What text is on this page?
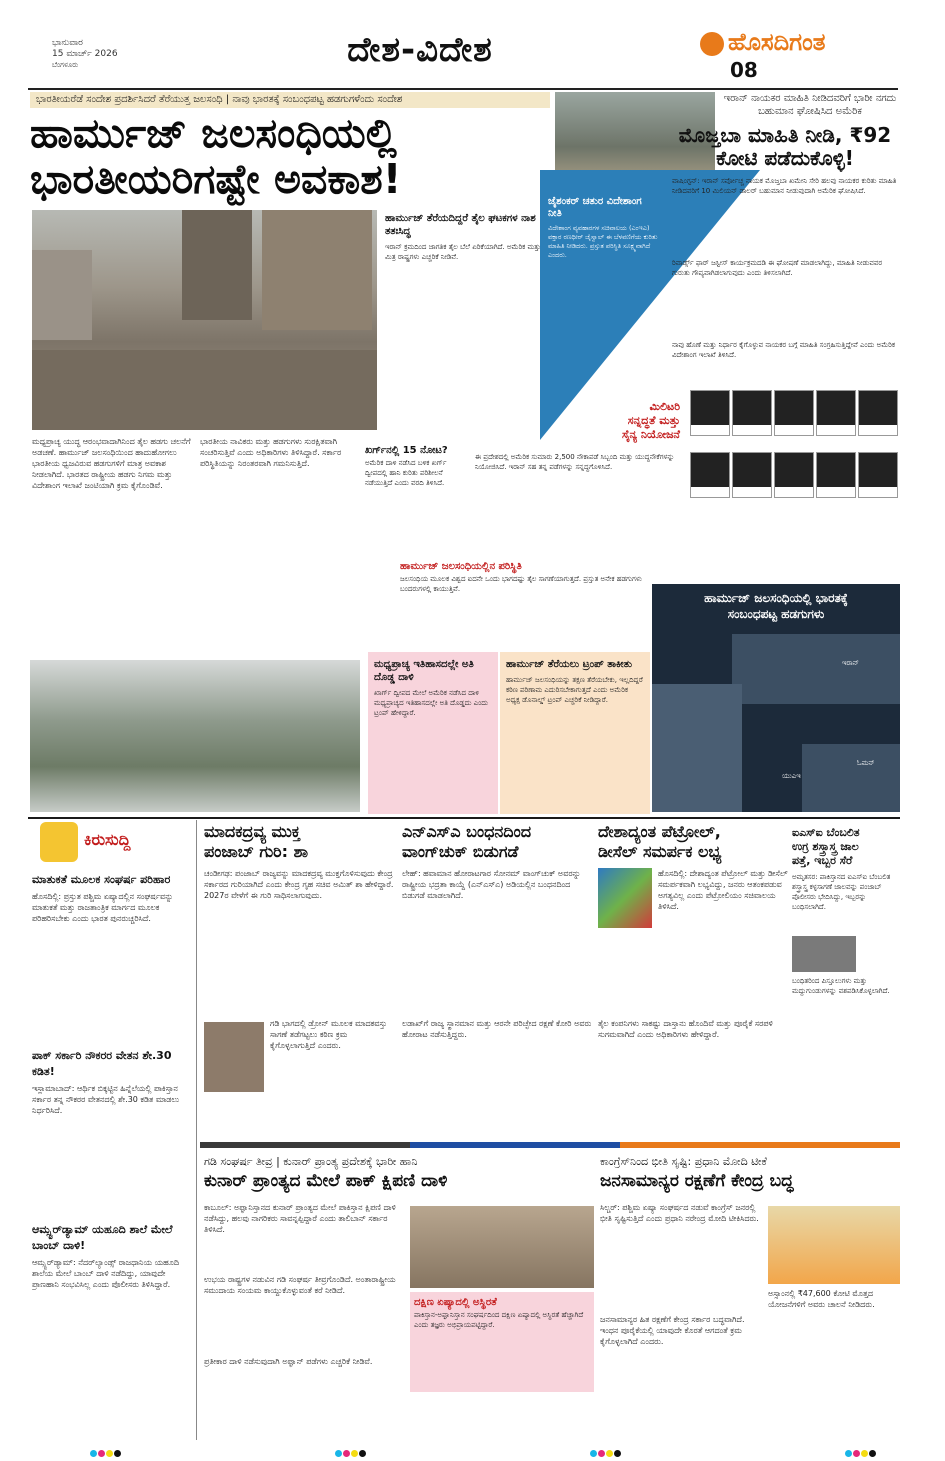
ಭಾನುವಾರ
15 ಮಾರ್ಚ್ 2026
ಬೆಂಗಳೂರು	ದೇಶ-ವಿದೇಶ	ಹೊಸದಿಗಂತ
08
ಭಾರತೀಯರೆಡೆ ಸಂದೇಶ ಪ್ರದರ್ಶಿಸಿದರೆ ತೆರೆಯುತ್ತ ಜಲಸಂಧಿ | ನಾವು ಭಾರತಕ್ಕೆ ಸಂಬಂಧಪಟ್ಟ ಹಡಗುಗಳೆಂದು ಸಂದೇಶ
ಹಾರ್ಮುಜ್ ಜಲಸಂಧಿಯಲ್ಲಿ
ಭಾರತೀಯರಿಗಷ್ಟೇ ಅವಕಾಶ!	ಜೈಶಂಕರ್ ಚತುರ ವಿದೇಶಾಂಗ ನೀತಿ
ವಿದೇಶಾಂಗ ವ್ಯವಹಾರಗಳ ಸಚಿವಾಲಯ (ಎಂಇಎ) ವಕ್ತಾರ ರಣಧೀರ್ ಜೈಸ್ವಾಲ್ ಈ ಬೆಳವಣಿಗೆಯ ಕುರಿತು ಮಾಹಿತಿ ನೀಡಿದರು. ಪ್ರಸ್ತುತ ಪರಿಸ್ಥಿತಿ ಸೂಕ್ಷ್ಮವಾಗಿದೆ ಎಂದರು.
ಹಾರ್ಮುಜ್ ತೆರೆಯದಿದ್ದರೆ ತೈಲ ಘಟಕಗಳ ನಾಶ ತತಃಸಿದ್ಧ
ಇರಾನ್ ಕ್ರಮದಿಂದ ಜಾಗತಿಕ ತೈಲ ಬೆಲೆ ಏರಿಕೆಯಾಗಿದೆ. ಅಮೆರಿಕ ಮತ್ತು ಮಿತ್ರ ರಾಷ್ಟ್ರಗಳು ಎಚ್ಚರಿಕೆ ನೀಡಿವೆ.
ಮಧ್ಯಪ್ರಾಚ್ಯ ಯುದ್ಧ ಆರಂಭವಾದಾಗಿನಿಂದ ತೈಲ ಹಡಗು ಚಲನೆಗೆ ಅಡಚಣೆ. ಹಾರ್ಮುಜ್ ಜಲಸಂಧಿಯಿಂದ ಹಾದುಹೋಗಲು ಭಾರತೀಯ ಧ್ವಜವಿರುವ ಹಡಗುಗಳಿಗೆ ಮಾತ್ರ ಅವಕಾಶ ನೀಡಲಾಗಿದೆ. ಭಾರತದ ರಾಷ್ಟ್ರೀಯ ಹಡಗು ನಿಗಮ ಮತ್ತು ವಿದೇಶಾಂಗ ಇಲಾಖೆ ಜಂಟಿಯಾಗಿ ಕ್ರಮ ಕೈಗೊಂಡಿವೆ.
ಭಾರತೀಯ ನಾವಿಕರು ಮತ್ತು ಹಡಗುಗಳು ಸುರಕ್ಷಿತವಾಗಿ ಸಂಚರಿಸುತ್ತಿವೆ ಎಂದು ಅಧಿಕಾರಿಗಳು ತಿಳಿಸಿದ್ದಾರೆ. ಸರ್ಕಾರ ಪರಿಸ್ಥಿತಿಯನ್ನು ನಿರಂತರವಾಗಿ ಗಮನಿಸುತ್ತಿದೆ.
ಖರ್ಗ್‌ನಲ್ಲಿ 15 ನೋಟ?
ಅಮೆರಿಕ ದಾಳಿ ನಡೆಸಿದ ಬಳಿಕ ಖರ್ಗ್ ದ್ವೀಪದಲ್ಲಿ ಹಾನಿ ಕುರಿತು ಪರಿಶೀಲನೆ ನಡೆಯುತ್ತಿದೆ ಎಂದು ವರದಿ ತಿಳಿಸಿದೆ.
ಮಿಲಿಟರಿ
ಸನ್ನದ್ಧತೆ ಮತ್ತು
ಸೈನ್ಯ ನಿಯೋಜನೆ
ಈ ಪ್ರದೇಶದಲ್ಲಿ ಅಮೆರಿಕ ಸುಮಾರು 2,500 ನೌಕಾಪಡೆ ಸಿಬ್ಬಂದಿ ಮತ್ತು ಯುದ್ಧನೌಕೆಗಳನ್ನು ನಿಯೋಜಿಸಿದೆ. ಇರಾನ್ ಸಹ ತನ್ನ ಪಡೆಗಳನ್ನು ಸನ್ನದ್ಧಗೊಳಿಸಿದೆ.
ಹಾರ್ಮುಜ್ ಜಲಸಂಧಿಯಲ್ಲಿನ ಪರಿಸ್ಥಿತಿ
ಜಲಸಂಧಿಯ ಮೂಲಕ ವಿಶ್ವದ ಐದನೇ ಒಂದು ಭಾಗದಷ್ಟು ತೈಲ ಸಾಗಣೆಯಾಗುತ್ತದೆ. ಪ್ರಸ್ತುತ ಅನೇಕ ಹಡಗುಗಳು ಬಂದರುಗಳಲ್ಲಿ ಕಾಯುತ್ತಿವೆ.
ಇರಾನ್ ನಾಯಕರ ಮಾಹಿತಿ ನೀಡಿದವರಿಗೆ ಭಾರೀ ನಗದು ಬಹುಮಾನ ಘೋಷಿಸಿದ ಅಮೆರಿಕ
ಮೊಜ್ತಬಾ ಮಾಹಿತಿ ನೀಡಿ, ₹92 ಕೋಟಿ ಪಡೆದುಕೊಳ್ಳಿ!
ವಾಷಿಂಗ್ಟನ್: ಇರಾನ್ ಸರ್ವೋಚ್ಚ ನಾಯಕ ಮೊಜ್ತಬಾ ಖಮೇನಿ ಸೇರಿ ಹಲವು ನಾಯಕರ ಕುರಿತು ಮಾಹಿತಿ ನೀಡಿದವರಿಗೆ 10 ಮಿಲಿಯನ್ ಡಾಲರ್ ಬಹುಮಾನ ನೀಡುವುದಾಗಿ ಅಮೆರಿಕ ಘೋಷಿಸಿದೆ.
ರಿವಾರ್ಡ್ಸ್ ಫಾರ್ ಜಸ್ಟೀಸ್ ಕಾರ್ಯಕ್ರಮದಡಿ ಈ ಘೋಷಣೆ ಮಾಡಲಾಗಿದ್ದು, ಮಾಹಿತಿ ನೀಡುವವರ ಗುರುತು ಗೌಪ್ಯವಾಗಿಡಲಾಗುವುದು ಎಂದು ತಿಳಿಸಲಾಗಿದೆ.
ನಾವು ಹೊಣೆ ಮತ್ತು ನಿರ್ಧಾರ ಕೈಗೊಳ್ಳುವ ನಾಯಕರ ಬಗ್ಗೆ ಮಾಹಿತಿ ಸಂಗ್ರಹಿಸುತ್ತಿದ್ದೇವೆ ಎಂದು ಅಮೆರಿಕ ವಿದೇಶಾಂಗ ಇಲಾಖೆ ತಿಳಿಸಿದೆ.
ಇರಾನ್
ಓಮನ್
ಯುಎಇ
ಹಾರ್ಮುಜ್ ಜಲಸಂಧಿಯಲ್ಲಿ ಭಾರತಕ್ಕೆ
ಸಂಬಂಧಪಟ್ಟ ಹಡಗುಗಳು
ಮಧ್ಯಪ್ರಾಚ್ಯ ಇತಿಹಾಸದಲ್ಲೇ ಅತಿ ದೊಡ್ಡ ದಾಳಿ
ಖಾರ್ಗ್ ದ್ವೀಪದ ಮೇಲೆ ಅಮೆರಿಕ ನಡೆಸಿದ ದಾಳಿ ಮಧ್ಯಪ್ರಾಚ್ಯದ ಇತಿಹಾಸದಲ್ಲೇ ಅತಿ ದೊಡ್ಡದು ಎಂದು ಟ್ರಂಪ್ ಹೇಳಿದ್ದಾರೆ.
ಹಾರ್ಮುಜ್ ತೆರೆಯಲು ಟ್ರಂಪ್ ತಾಕೀತು
ಹಾರ್ಮುಜ್ ಜಲಸಂಧಿಯನ್ನು ತಕ್ಷಣ ತೆರೆಯಬೇಕು, ಇಲ್ಲದಿದ್ದರೆ ಕಠಿಣ ಪರಿಣಾಮ ಎದುರಿಸಬೇಕಾಗುತ್ತದೆ ಎಂದು ಅಮೆರಿಕ ಅಧ್ಯಕ್ಷ ಡೊನಾಲ್ಡ್ ಟ್ರಂಪ್ ಎಚ್ಚರಿಕೆ ನೀಡಿದ್ದಾರೆ.
ಕಿರುಸುದ್ದಿ
ಮಾತುಕತೆ ಮೂಲಕ ಸಂಘರ್ಷ ಪರಿಹಾರ
ಹೊಸದಿಲ್ಲಿ: ಪ್ರಸ್ತುತ ಪಶ್ಚಿಮ ಏಷ್ಯಾದಲ್ಲಿನ ಸಂಘರ್ಷವನ್ನು ಮಾತುಕತೆ ಮತ್ತು ರಾಜತಾಂತ್ರಿಕ ಮಾರ್ಗದ ಮೂಲಕ ಪರಿಹರಿಸಬೇಕು ಎಂದು ಭಾರತ ಪುನರುಚ್ಚರಿಸಿದೆ.
ಪಾಕ್ ಸರ್ಕಾರಿ ನೌಕರರ ವೇತನ ಶೇ.30 ಕಡಿತ!
ಇಸ್ಲಾಮಾಬಾದ್: ಆರ್ಥಿಕ ಬಿಕ್ಕಟ್ಟಿನ ಹಿನ್ನೆಲೆಯಲ್ಲಿ ಪಾಕಿಸ್ತಾನ ಸರ್ಕಾರ ತನ್ನ ನೌಕರರ ವೇತನದಲ್ಲಿ ಶೇ.30 ಕಡಿತ ಮಾಡಲು ನಿರ್ಧರಿಸಿದೆ.
ಆಮ್ಸ್ಟರ್‌ಡ್ಯಾಮ್ ಯಹೂದಿ ಶಾಲೆ ಮೇಲೆ ಬಾಂಬ್ ದಾಳಿ!
ಆಮ್ಸ್ಟರ್‌ಡ್ಯಾಮ್: ನೆದರ್‌ಲ್ಯಾಂಡ್ಸ್ ರಾಜಧಾನಿಯ ಯಹೂದಿ ಶಾಲೆಯ ಮೇಲೆ ಬಾಂಬ್ ದಾಳಿ ನಡೆದಿದ್ದು, ಯಾವುದೇ ಪ್ರಾಣಹಾನಿ ಸಂಭವಿಸಿಲ್ಲ ಎಂದು ಪೊಲೀಸರು ತಿಳಿಸಿದ್ದಾರೆ.
ಮಾದಕದ್ರವ್ಯ ಮುಕ್ತ
ಪಂಜಾಬ್ ಗುರಿ: ಶಾ
ಚಂಡೀಗಢ: ಪಂಜಾಬ್ ರಾಜ್ಯವನ್ನು ಮಾದಕದ್ರವ್ಯ ಮುಕ್ತಗೊಳಿಸುವುದು ಕೇಂದ್ರ ಸರ್ಕಾರದ ಗುರಿಯಾಗಿದೆ ಎಂದು ಕೇಂದ್ರ ಗೃಹ ಸಚಿವ ಅಮಿತ್ ಶಾ ಹೇಳಿದ್ದಾರೆ. 2027ರ ವೇಳೆಗೆ ಈ ಗುರಿ ಸಾಧಿಸಲಾಗುವುದು.
ಗಡಿ ಭಾಗದಲ್ಲಿ ಡ್ರೋನ್ ಮೂಲಕ ಮಾದಕವಸ್ತು ಸಾಗಣೆ ತಡೆಗಟ್ಟಲು ಕಠಿಣ ಕ್ರಮ ಕೈಗೊಳ್ಳಲಾಗುತ್ತಿದೆ ಎಂದರು.
ಎನ್‌ಎಸ್‌ಎ ಬಂಧನದಿಂದ
ವಾಂಗ್‌ಚುಕ್ ಬಿಡುಗಡೆ
ಲೇಹ್: ಹವಾಮಾನ ಹೋರಾಟಗಾರ ಸೋನಮ್ ವಾಂಗ್‌ಚುಕ್ ಅವರನ್ನು ರಾಷ್ಟ್ರೀಯ ಭದ್ರತಾ ಕಾಯ್ದೆ (ಎನ್‌ಎಸ್‌ಎ) ಅಡಿಯಲ್ಲಿನ ಬಂಧನದಿಂದ ಬಿಡುಗಡೆ ಮಾಡಲಾಗಿದೆ.
ಲಡಾಖ್‌ಗೆ ರಾಜ್ಯ ಸ್ಥಾನಮಾನ ಮತ್ತು ಆರನೇ ಪರಿಚ್ಛೇದ ರಕ್ಷಣೆ ಕೋರಿ ಅವರು ಹೋರಾಟ ನಡೆಸುತ್ತಿದ್ದರು.
ದೇಶಾದ್ಯಂತ ಪೆಟ್ರೋಲ್,
ಡೀಸೆಲ್ ಸಮರ್ಪಕ ಲಭ್ಯ
ಹೊಸದಿಲ್ಲಿ: ದೇಶಾದ್ಯಂತ ಪೆಟ್ರೋಲ್ ಮತ್ತು ಡೀಸೆಲ್ ಸಮರ್ಪಕವಾಗಿ ಲಭ್ಯವಿದ್ದು, ಜನರು ಆತಂಕಪಡುವ ಅಗತ್ಯವಿಲ್ಲ ಎಂದು ಪೆಟ್ರೋಲಿಯಂ ಸಚಿವಾಲಯ ತಿಳಿಸಿದೆ.
ತೈಲ ಕಂಪನಿಗಳು ಸಾಕಷ್ಟು ದಾಸ್ತಾನು ಹೊಂದಿವೆ ಮತ್ತು ಪೂರೈಕೆ ಸರಪಳಿ ಸುಗಮವಾಗಿದೆ ಎಂದು ಅಧಿಕಾರಿಗಳು ಹೇಳಿದ್ದಾರೆ.
ಐಎಸ್‌ಐ ಬೆಂಬಲಿತ
ಉಗ್ರ ಶಸ್ತ್ರಾಸ್ತ್ರ ಜಾಲ
ಪತ್ತೆ, ಇಬ್ಬರ ಸೆರೆ
ಅಮೃತಸರ: ಪಾಕಿಸ್ತಾನದ ಐಎಸ್‌ಐ ಬೆಂಬಲಿತ ಶಸ್ತ್ರಾಸ್ತ್ರ ಕಳ್ಳಸಾಗಣೆ ಜಾಲವನ್ನು ಪಂಜಾಬ್ ಪೊಲೀಸರು ಭೇದಿಸಿದ್ದು, ಇಬ್ಬರನ್ನು ಬಂಧಿಸಲಾಗಿದೆ.
ಬಂಧಿತರಿಂದ ಪಿಸ್ತೂಲುಗಳು ಮತ್ತು ಮದ್ದುಗುಂಡುಗಳನ್ನು ವಶಪಡಿಸಿಕೊಳ್ಳಲಾಗಿದೆ.
ಗಡಿ ಸಂಘರ್ಷ ತೀವ್ರ | ಕುನಾರ್ ಪ್ರಾಂತ್ಯ ಪ್ರದೇಶಕ್ಕೆ ಭಾರೀ ಹಾನಿ
ಕುನಾರ್ ಪ್ರಾಂತ್ಯದ ಮೇಲೆ ಪಾಕ್ ಕ್ಷಿಪಣಿ ದಾಳಿ
ಕಾಬೂಲ್: ಅಫ್ಘಾನಿಸ್ತಾನದ ಕುನಾರ್ ಪ್ರಾಂತ್ಯದ ಮೇಲೆ ಪಾಕಿಸ್ತಾನ ಕ್ಷಿಪಣಿ ದಾಳಿ ನಡೆಸಿದ್ದು, ಹಲವು ನಾಗರಿಕರು ಸಾವನ್ನಪ್ಪಿದ್ದಾರೆ ಎಂದು ತಾಲಿಬಾನ್ ಸರ್ಕಾರ ತಿಳಿಸಿದೆ.
ಉಭಯ ರಾಷ್ಟ್ರಗಳ ನಡುವಿನ ಗಡಿ ಸಂಘರ್ಷ ತೀವ್ರಗೊಂಡಿದೆ. ಅಂತಾರಾಷ್ಟ್ರೀಯ ಸಮುದಾಯ ಸಂಯಮ ಕಾಯ್ದುಕೊಳ್ಳುವಂತೆ ಕರೆ ನೀಡಿದೆ.
ಪ್ರತೀಕಾರ ದಾಳಿ ನಡೆಸುವುದಾಗಿ ಅಫ್ಘಾನ್ ಪಡೆಗಳು ಎಚ್ಚರಿಕೆ ನೀಡಿವೆ.
ದಕ್ಷಿಣ ಏಷ್ಯಾದಲ್ಲಿ ಅಸ್ಥಿರತೆ
ಪಾಕಿಸ್ತಾನ-ಅಫ್ಘಾನಿಸ್ತಾನ ಸಂಘರ್ಷದಿಂದ ದಕ್ಷಿಣ ಏಷ್ಯಾದಲ್ಲಿ ಅಸ್ಥಿರತೆ ಹೆಚ್ಚಾಗಿದೆ ಎಂದು ತಜ್ಞರು ಅಭಿಪ್ರಾಯಪಟ್ಟಿದ್ದಾರೆ.
ಕಾಂಗ್ರೆಸ್‌ನಿಂದ ಭೀತಿ ಸೃಷ್ಟಿ: ಪ್ರಧಾನಿ ಮೋದಿ ಟೀಕೆ
ಜನಸಾಮಾನ್ಯರ ರಕ್ಷಣೆಗೆ ಕೇಂದ್ರ ಬದ್ಧ
ಸಿಲ್ಚರ್: ಪಶ್ಚಿಮ ಏಷ್ಯಾ ಸಂಘರ್ಷದ ನಡುವೆ ಕಾಂಗ್ರೆಸ್ ಜನರಲ್ಲಿ ಭೀತಿ ಸೃಷ್ಟಿಸುತ್ತಿದೆ ಎಂದು ಪ್ರಧಾನಿ ನರೇಂದ್ರ ಮೋದಿ ಟೀಕಿಸಿದರು.
ಜನಸಾಮಾನ್ಯರ ಹಿತ ರಕ್ಷಣೆಗೆ ಕೇಂದ್ರ ಸರ್ಕಾರ ಬದ್ಧವಾಗಿದೆ. ಇಂಧನ ಪೂರೈಕೆಯಲ್ಲಿ ಯಾವುದೇ ಕೊರತೆ ಆಗದಂತೆ ಕ್ರಮ ಕೈಗೊಳ್ಳಲಾಗಿದೆ ಎಂದರು.
ಅಸ್ಸಾಂನಲ್ಲಿ ₹47,600 ಕೋಟಿ ಮೊತ್ತದ ಯೋಜನೆಗಳಿಗೆ ಅವರು ಚಾಲನೆ ನೀಡಿದರು.
